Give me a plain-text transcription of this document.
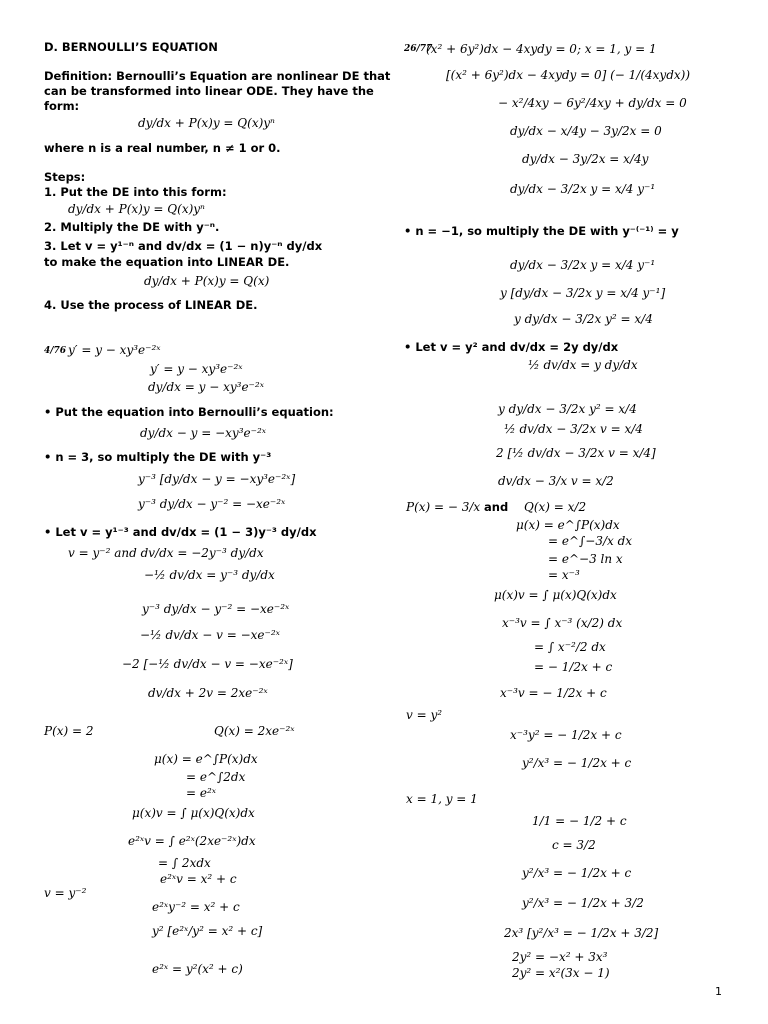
D. BERNOULLI’S EQUATION
Definition: Bernoulli’s Equation are nonlinear DE that
can be transformed into linear ODE. They have the
form:
dy/dx + P(x)y = Q(x)yⁿ
where n is a real number, n ≠ 1 or 0.
Steps:
1. Put the DE into this form:
dy/dx + P(x)y = Q(x)yⁿ
2. Multiply the DE with y⁻ⁿ.
3. Let v = y¹⁻ⁿ and dv/dx = (1 − n)y⁻ⁿ dy/dx
to make the equation into LINEAR DE.
dy/dx + P(x)y = Q(x)
4. Use the process of LINEAR DE.
4/76 y′ = y − xy³e⁻²ˣ
y′ = y − xy³e⁻²ˣ
dy/dx = y − xy³e⁻²ˣ
• Put the equation into Bernoulli’s equation:
dy/dx − y = −xy³e⁻²ˣ
• n = 3, so multiply the DE with y⁻³
y⁻³ [dy/dx − y = −xy³e⁻²ˣ]
y⁻³ dy/dx − y⁻² = −xe⁻²ˣ
• Let v = y¹⁻³ and dv/dx = (1 − 3)y⁻³ dy/dx
v = y⁻² and dv/dx = −2y⁻³ dy/dx
−½ dv/dx = y⁻³ dy/dx
y⁻³ dy/dx − y⁻² = −xe⁻²ˣ
−½ dv/dx − v = −xe⁻²ˣ
−2 [−½ dv/dx − v = −xe⁻²ˣ]
dv/dx + 2v = 2xe⁻²ˣ
P(x) = 2	Q(x) = 2xe⁻²ˣ
μ(x) = e^∫P(x)dx
= e^∫2dx
= e²ˣ
μ(x)v = ∫ μ(x)Q(x)dx
e²ˣv = ∫ e²ˣ(2xe⁻²ˣ)dx
= ∫ 2xdx
e²ˣv = x² + c
v = y⁻²
e²ˣy⁻² = x² + c
y² [e²ˣ/y² = x² + c]
e²ˣ = y²(x² + c)
26/77
(x² + 6y²)dx − 4xydy = 0; x = 1, y = 1
[(x² + 6y²)dx − 4xydy = 0] (− 1/(4xydx))
− x²/4xy − 6y²/4xy + dy/dx = 0
dy/dx − x/4y − 3y/2x = 0
dy/dx − 3y/2x = x/4y
dy/dx − 3/2x y = x/4 y⁻¹
• n = −1, so multiply the DE with y⁻⁽⁻¹⁾ = y
dy/dx − 3/2x y = x/4 y⁻¹
y [dy/dx − 3/2x y = x/4 y⁻¹]
y dy/dx − 3/2x y² = x/4
• Let v = y² and dv/dx = 2y dy/dx
½ dv/dx = y dy/dx
y dy/dx − 3/2x y² = x/4
½ dv/dx − 3/2x v = x/4
2 [½ dv/dx − 3/2x v = x/4]
dv/dx − 3/x v = x/2
P(x) = − 3/x and Q(x) = x/2
μ(x) = e^∫P(x)dx
= e^∫−3/x dx
= e^−3 ln x
= x⁻³
μ(x)v = ∫ μ(x)Q(x)dx
x⁻³v = ∫ x⁻³ (x/2) dx
= ∫ x⁻²/2 dx
= − 1/2x + c
x⁻³v = − 1/2x + c
v = y²
x⁻³y² = − 1/2x + c
y²/x³ = − 1/2x + c
x = 1, y = 1
1/1 = − 1/2 + c
c = 3/2
y²/x³ = − 1/2x + c
y²/x³ = − 1/2x + 3/2
2x³ [y²/x³ = − 1/2x + 3/2]
2y² = −x² + 3x³
2y² = x²(3x − 1)
1
